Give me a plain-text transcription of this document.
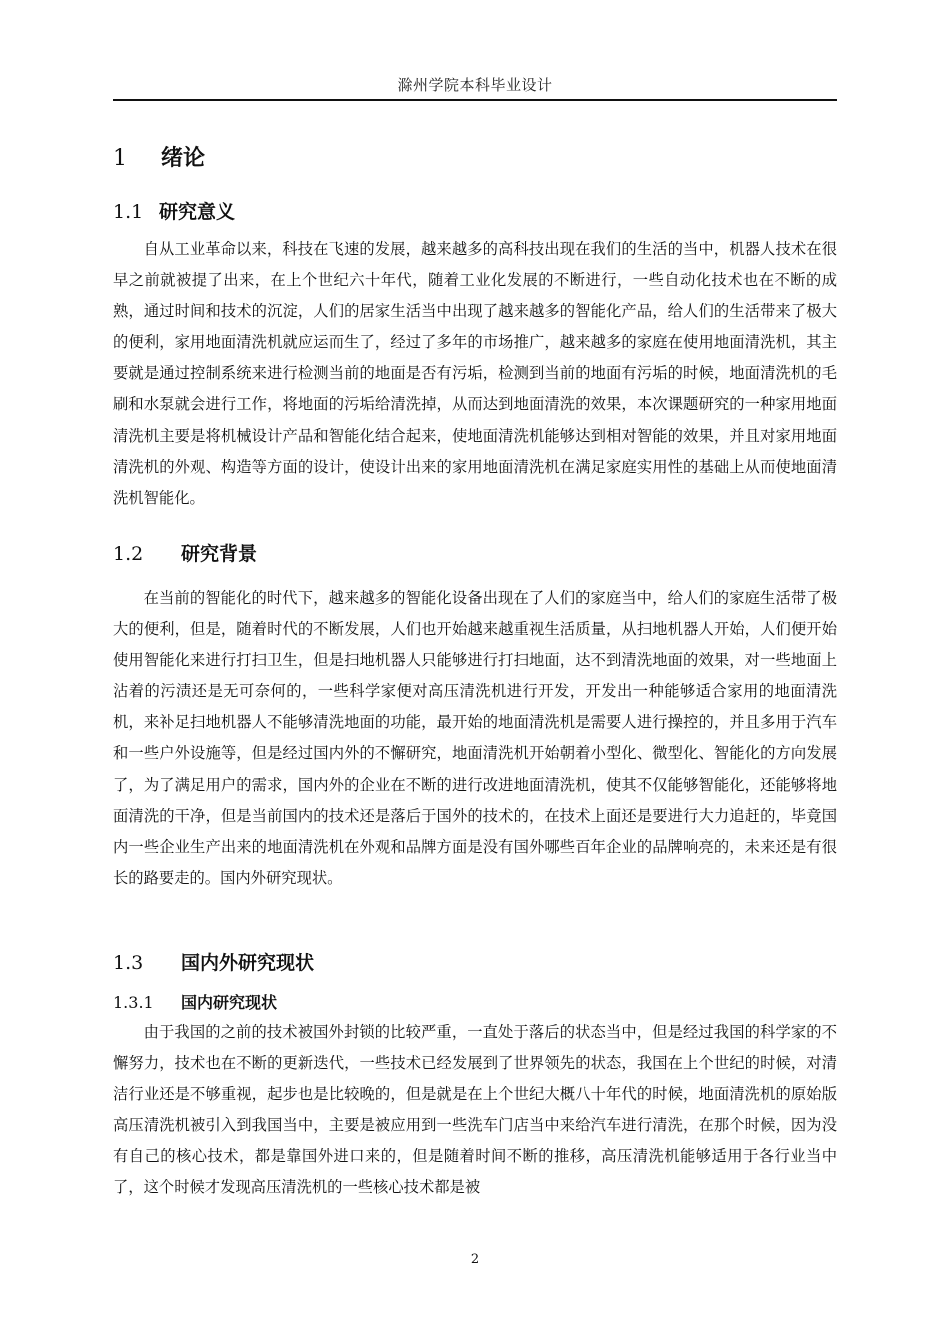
滁州学院本科毕业设计
1 绪论
1.1 研究意义

自从工业革命以来，科技在飞速的发展，越来越多的高科技出现在我们的生活的当中，机器人技术在很早之前就被提了出来，在上个世纪六十年代，随着工业化发展的不断进行，一些自动化技术也在不断的成熟，通过时间和技术的沉淀，人们的居家生活当中出现了越来越多的智能化产品，给人们的生活带来了极大的便利，家用地面清洗机就应运而生了，经过了多年的市场推广，越来越多的家庭在使用地面清洗机，其主要就是通过控制系统来进行检测当前的地面是否有污垢，检测到当前的地面有污垢的时候，地面清洗机的毛刷和水泵就会进行工作，将地面的污垢给清洗掉，从而达到地面清洗的效果，本次课题研究的一种家用地面清洗机主要是将机械设计产品和智能化结合起来，使地面清洗机能够达到相对智能的效果，并且对家用地面清洗机的外观、构造等方面的设计，使设计出来的家用地面清洗机在满足家庭实用性的基础上从而使地面清洗机智能化。

1.2 研究背景

在当前的智能化的时代下，越来越多的智能化设备出现在了人们的家庭当中，给人们的家庭生活带了极大的便利，但是，随着时代的不断发展，人们也开始越来越重视生活质量，从扫地机器人开始，人们便开始使用智能化来进行打扫卫生，但是扫地机器人只能够进行打扫地面，达不到清洗地面的效果，对一些地面上沾着的污渍还是无可奈何的，一些科学家便对高压清洗机进行开发，开发出一种能够适合家用的地面清洗机，来补足扫地机器人不能够清洗地面的功能，最开始的地面清洗机是需要人进行操控的，并且多用于汽车和一些户外设施等，但是经过国内外的不懈研究，地面清洗机开始朝着小型化、微型化、智能化的方向发展了，为了满足用户的需求，国内外的企业在不断的进行改进地面清洗机，使其不仅能够智能化，还能够将地面清洗的干净，但是当前国内的技术还是落后于国外的技术的，在技术上面还是要进行大力追赶的，毕竟国内一些企业生产出来的地面清洗机在外观和品牌方面是没有国外哪些百年企业的品牌响亮的，未来还是有很长的路要走的。国内外研究现状。

1.3 国内外研究现状
1.3.1 国内研究现状

由于我国的之前的技术被国外封锁的比较严重，一直处于落后的状态当中，但是经过我国的科学家的不懈努力，技术也在不断的更新迭代，一些技术已经发展到了世界领先的状态，我国在上个世纪的时候，对清洁行业还是不够重视，起步也是比较晚的，但是就是在上个世纪大概八十年代的时候，地面清洗机的原始版高压清洗机被引入到我国当中，主要是被应用到一些洗车门店当中来给汽车进行清洗，在那个时候，因为没有自己的核心技术，都是靠国外进口来的，但是随着时间不断的推移，高压清洗机能够适用于各行业当中了，这个时候才发现高压清洗机的一些核心技术都是被

2
